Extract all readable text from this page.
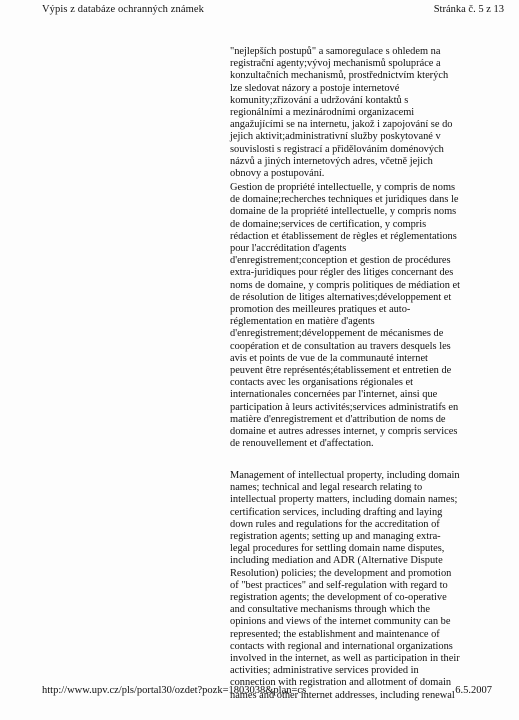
Výpis z databáze ochranných známek	Stránka č. 5 z 13
"nejlepších postupů" a samoregulace s ohledem na
registrační agenty;vývoj mechanismů spolupráce a
konzultačních mechanismů, prostřednictvím kterých
lze sledovat názory a postoje internetové
komunity;zřizování a udržování kontaktů s
regionálními a mezinárodními organizacemi
angažujícími se na internetu, jakož i zapojování se do
jejich aktivit;administrativní služby poskytované v
souvislosti s registrací a přidělováním doménových
názvů a jiných internetových adres, včetně jejich
obnovy a postupování.
Gestion de propriété intellectuelle, y compris de noms
de domaine;recherches techniques et juridiques dans le
domaine de la propriété intellectuelle, y compris noms
de domaine;services de certification, y compris
rédaction et établissement de règles et réglementations
pour l'accréditation d'agents
d'enregistrement;conception et gestion de procédures
extra-juridiques pour régler des litiges concernant des
noms de domaine, y compris politiques de médiation et
de résolution de litiges alternatives;développement et
promotion des meilleures pratiques et auto-
réglementation en matière d'agents
d'enregistrement;développement de mécanismes de
coopération et de consultation au travers desquels les
avis et points de vue de la communauté internet
peuvent être représentés;établissement et entretien de
contacts avec les organisations régionales et
internationales concernées par l'internet, ainsi que
participation à leurs activités;services administratifs en
matière d'enregistrement et d'attribution de noms de
domaine et autres adresses internet, y compris services
de renouvellement et d'affectation.
Management of intellectual property, including domain
names; technical and legal research relating to
intellectual property matters, including domain names;
certification services, including drafting and laying
down rules and regulations for the accreditation of
registration agents; setting up and managing extra-
legal procedures for settling domain name disputes,
including mediation and ADR (Alternative Dispute
Resolution) policies; the development and promotion
of "best practices" and self-regulation with regard to
registration agents; the development of co-operative
and consultative mechanisms through which the
opinions and views of the internet community can be
represented; the establishment and maintenance of
contacts with regional and international organizations
involved in the internet, as well as participation in their
activities; administrative services provided in
connection with registration and allotment of domain
names and other internet addresses, including renewal
http://www.upv.cz/pls/portal30/ozdet?pozk=1803038&plan=cs	6.5.2007
